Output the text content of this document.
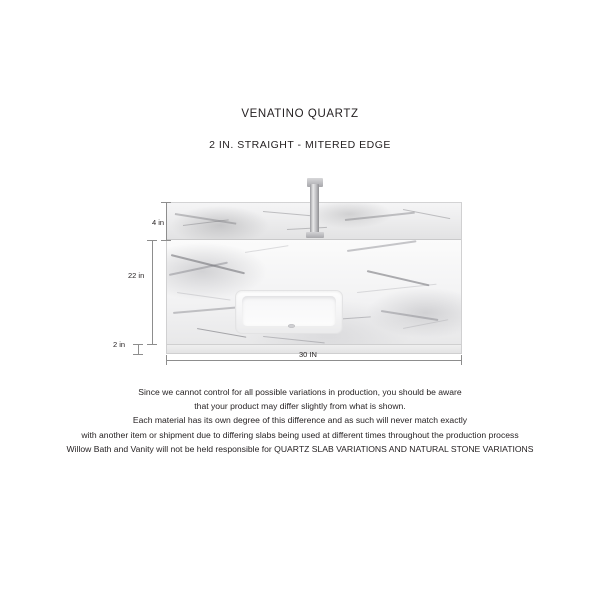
VENATINO QUARTZ
2 IN. STRAIGHT - MITERED EDGE
4 in
22 in
2 in
30 IN
Since we cannot control for all possible variations in production, you should be aware
that your product may differ slightly from what is shown.
Each material has its own degree of this difference and as such will never match exactly
with another item or shipment due to differing slabs being used at different times throughout the production process
Willow Bath and Vanity will not be held responsible for QUARTZ SLAB VARIATIONS AND NATURAL STONE VARIATIONS
